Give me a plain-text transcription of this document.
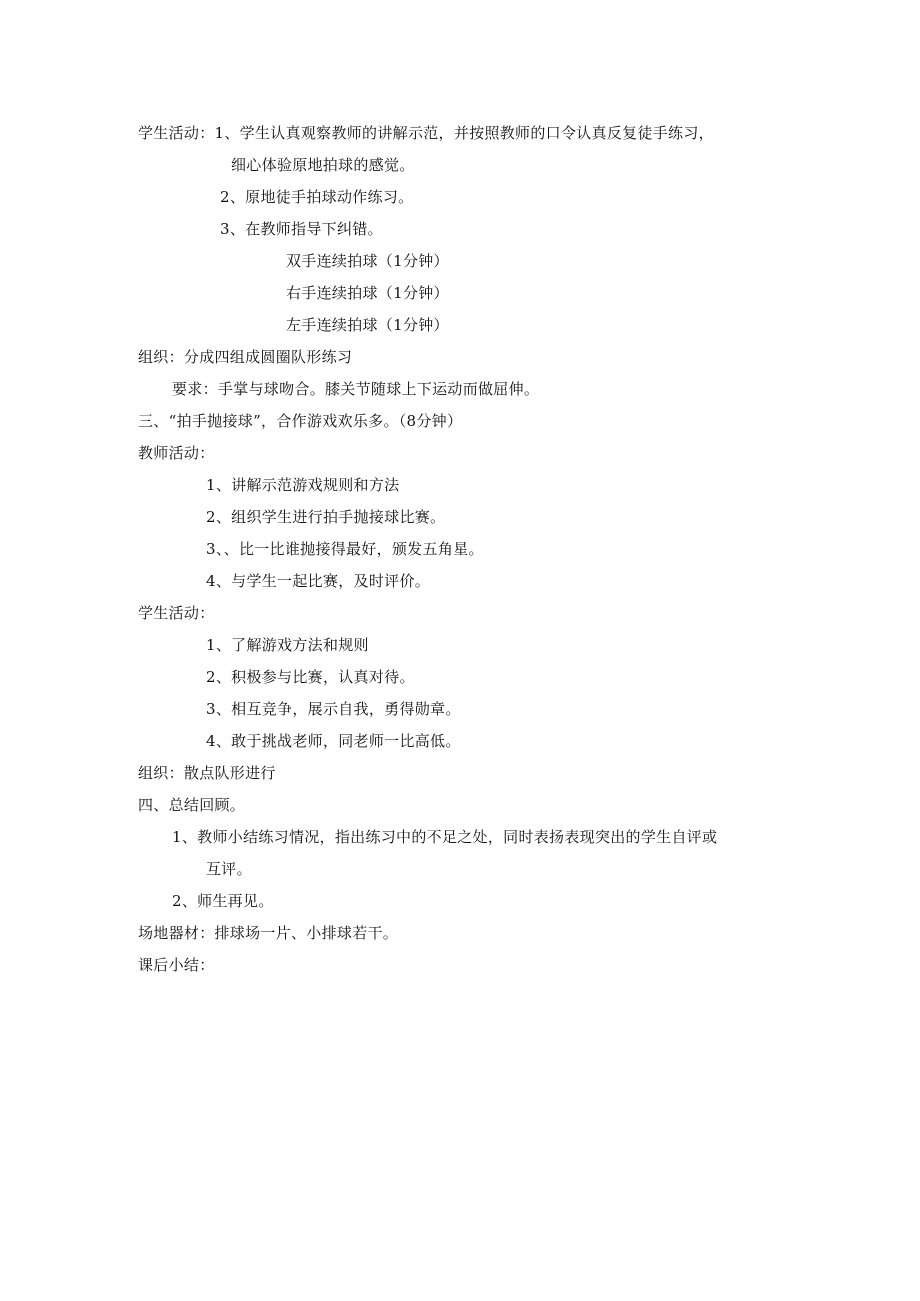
学生活动：1、学生认真观察教师的讲解示范，并按照教师的口令认真反复徒手练习，
细心体验原地拍球的感觉。
2、原地徒手拍球动作练习。
3、在教师指导下纠错。
双手连续拍球（1分钟）
右手连续拍球（1分钟）
左手连续拍球（1分钟）
组织：分成四组成圆圈队形练习
要求：手掌与球吻合。膝关节随球上下运动而做屈伸。
三、“拍手抛接球”，合作游戏欢乐多。（8分钟）
教师活动：
1、讲解示范游戏规则和方法
2、组织学生进行拍手抛接球比赛。
3、、比一比谁抛接得最好，颁发五角星。
4、与学生一起比赛，及时评价。
学生活动：
1、了解游戏方法和规则
2、积极参与比赛，认真对待。
3、相互竞争，展示自我，勇得勋章。
4、敢于挑战老师，同老师一比高低。
组织：散点队形进行
四、总结回顾。
1、教师小结练习情况，指出练习中的不足之处，同时表扬表现突出的学生自评或
互评。
2、师生再见。
场地器材：排球场一片、小排球若干。
课后小结：
